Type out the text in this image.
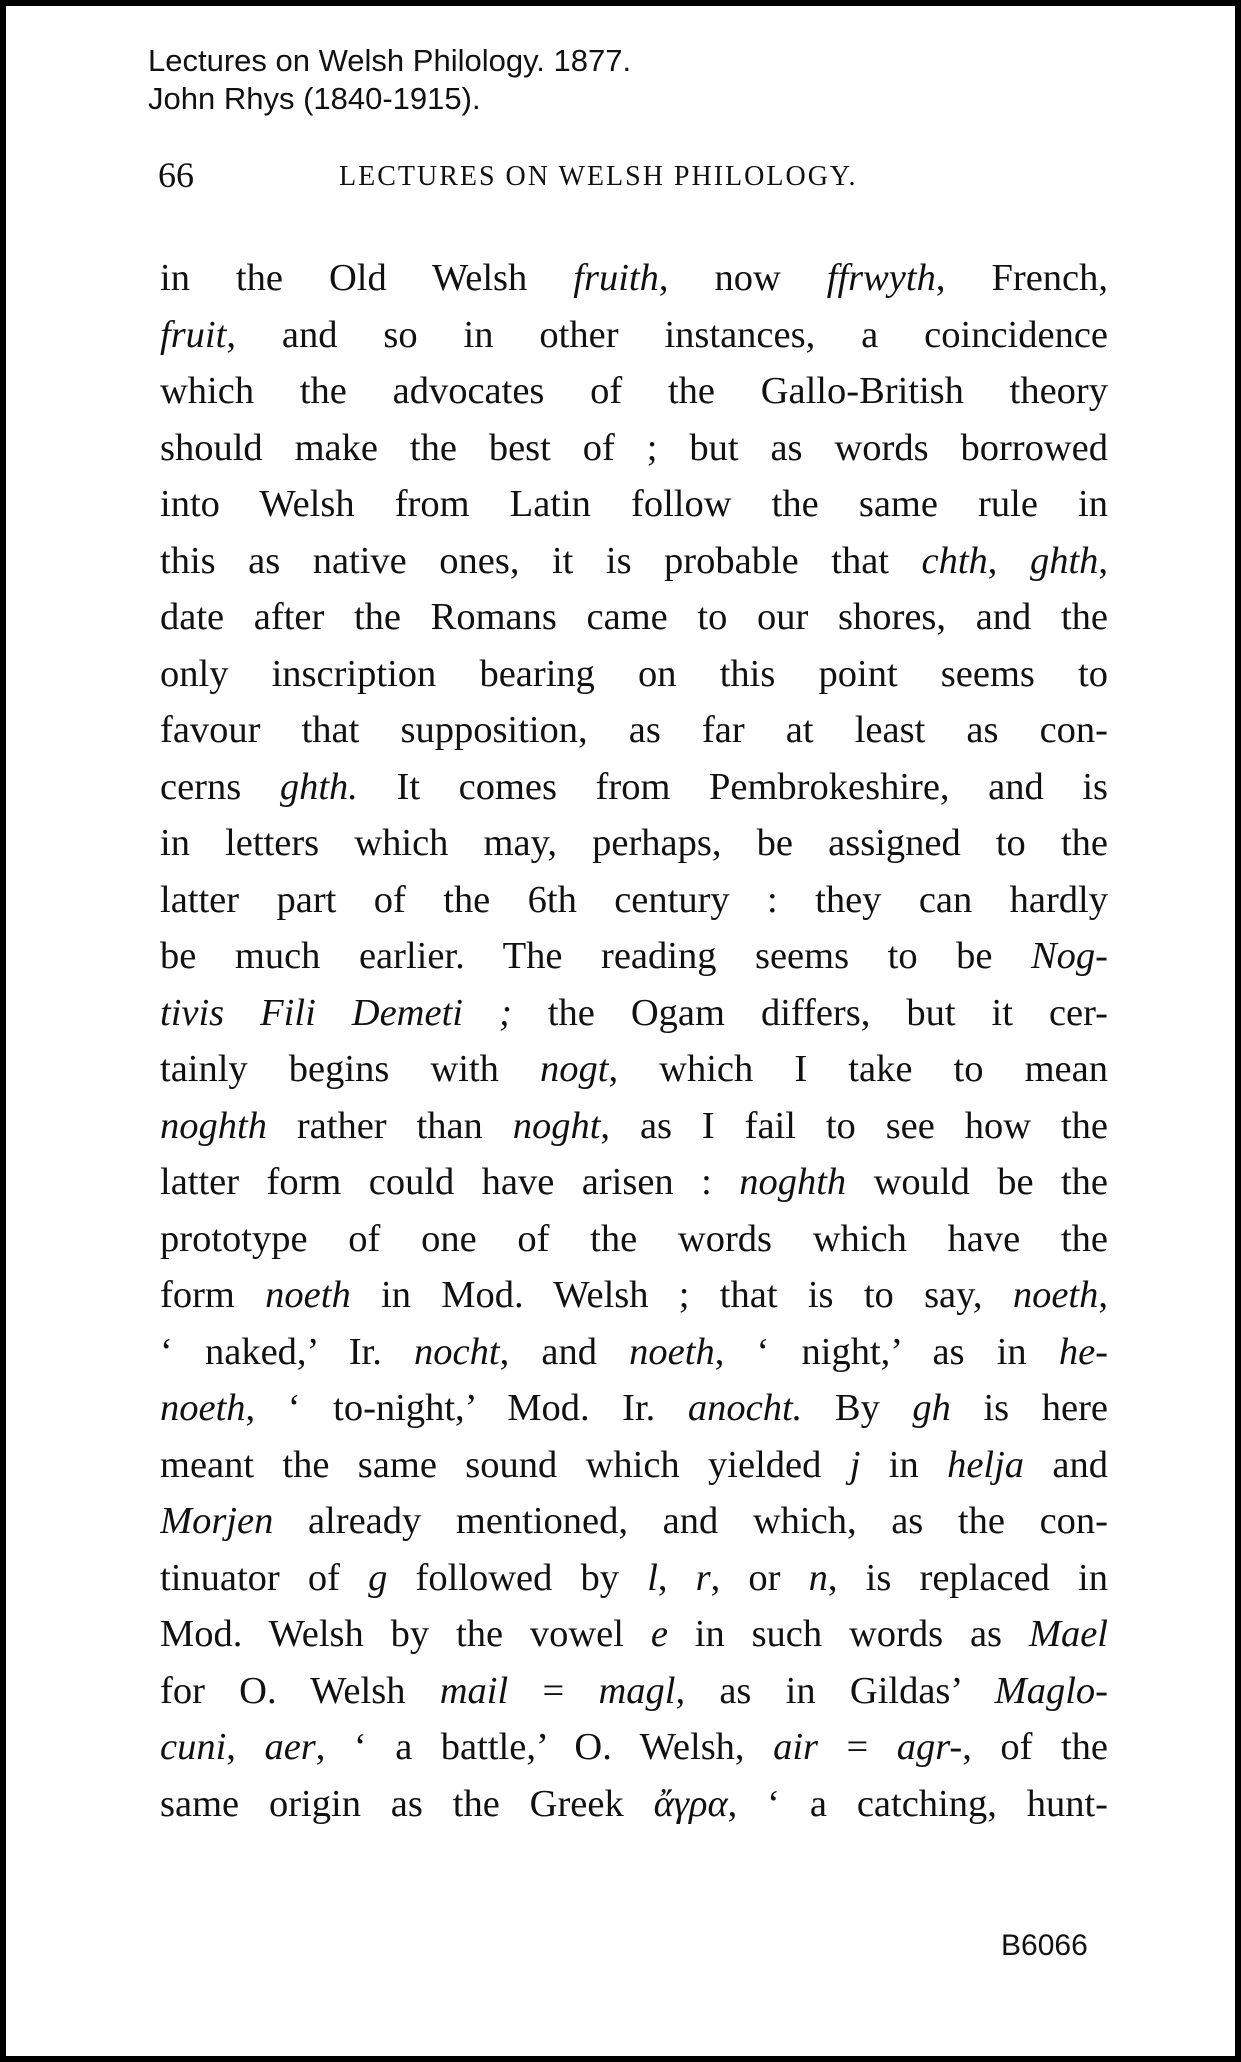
Lectures on Welsh Philology. 1877.
John Rhys (1840-1915).
66	LECTURES ON WELSH PHILOLOGY.
in the Old Welsh fruith, now ffrwyth, French,
fruit, and so in other instances, a coincidence
which the advocates of the Gallo-British theory
should make the best of ; but as words borrowed
into Welsh from Latin follow the same rule in
this as native ones, it is probable that chth, ghth,
date after the Romans came to our shores, and the
only inscription bearing on this point seems to
favour that supposition, as far at least as con-
cerns ghth. It comes from Pembrokeshire, and is
in letters which may, perhaps, be assigned to the
latter part of the 6th century : they can hardly
be much earlier. The reading seems to be Nog-
tivis Fili Demeti ; the Ogam differs, but it cer-
tainly begins with nogt, which I take to mean
noghth rather than noght, as I fail to see how the
latter form could have arisen : noghth would be the
prototype of one of the words which have the
form noeth in Mod. Welsh ; that is to say, noeth,
‘ naked,’ Ir. nocht, and noeth, ‘ night,’ as in he-
noeth, ‘ to-night,’ Mod. Ir. anocht. By gh is here
meant the same sound which yielded j in helja and
Morjen already mentioned, and which, as the con-
tinuator of g followed by l, r, or n, is replaced in
Mod. Welsh by the vowel e in such words as Mael
for O. Welsh mail = magl, as in Gildas’ Maglo-
cuni, aer, ‘ a battle,’ O. Welsh, air = agr-, of the
same origin as the Greek ἄγρα, ‘ a catching, hunt-
B6066
